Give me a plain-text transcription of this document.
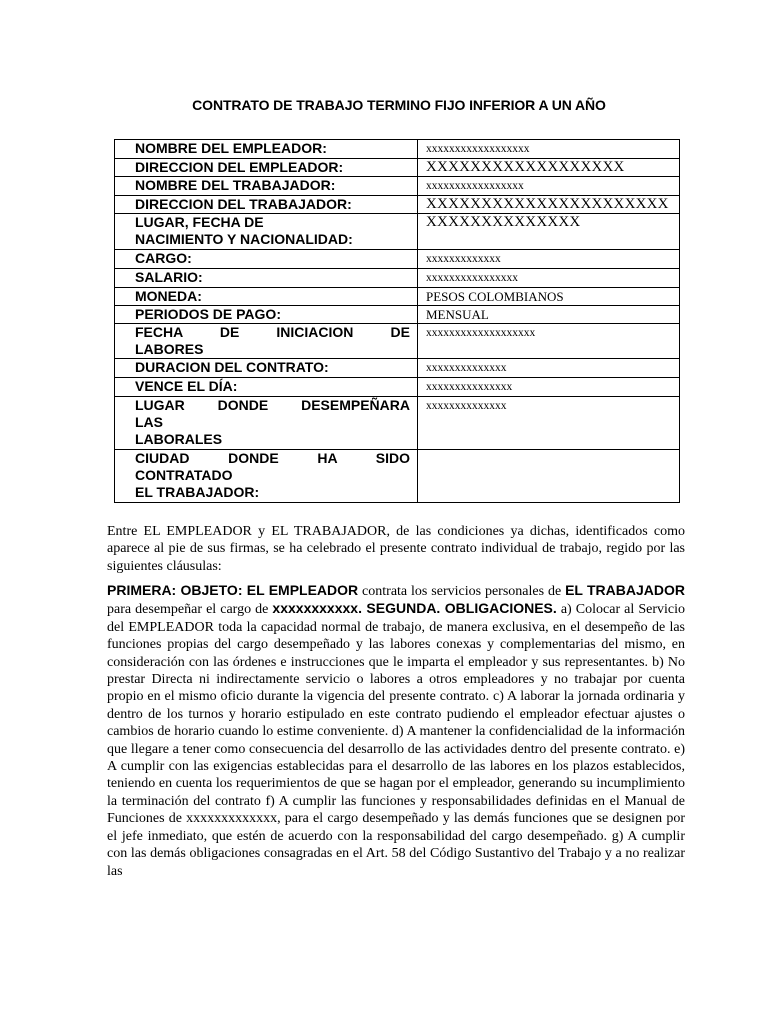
CONTRATO DE TRABAJO TERMINO FIJO INFERIOR A UN AÑO
NOMBRE DEL EMPLEADOR:	xxxxxxxxxxxxxxxxxx
DIRECCION DEL EMPLEADOR:	XXXXXXXXXXXXXXXXXX
NOMBRE DEL TRABAJADOR:	xxxxxxxxxxxxxxxxx
DIRECCION DEL TRABAJADOR:	XXXXXXXXXXXXXXXXXXXXXX

LUGAR, FECHA DE
NACIMIENTO Y NACIONALIDAD:	XXXXXXXXXXXXXX
CARGO:	xxxxxxxxxxxxx
SALARIO:	xxxxxxxxxxxxxxxx
MONEDA:	PESOS COLOMBIANOS
PERIODOS DE PAGO:	MENSUAL

FECHA DE INICIACION DE
LABORES	xxxxxxxxxxxxxxxxxxx
DURACION DEL CONTRATO:	xxxxxxxxxxxxxx
VENCE EL DÍA:	xxxxxxxxxxxxxxx

LUGAR DONDE DESEMPEÑARA
LAS
LABORALES	xxxxxxxxxxxxxx

CIUDAD DONDE HA SIDO
CONTRATADO
EL TRABAJADOR:	

Entre EL EMPLEADOR y EL TRABAJADOR, de las condiciones ya dichas, identificados como aparece al pie de sus firmas, se ha celebrado el presente contrato individual de trabajo, regido por las siguientes cláusulas:
PRIMERA: OBJETO: EL EMPLEADOR contrata los servicios personales de EL TRABAJADOR para desempeñar el cargo de xxxxxxxxxxx. SEGUNDA. OBLIGACIONES. a) Colocar al Servicio del EMPLEADOR toda la capacidad normal de trabajo, de manera exclusiva, en el desempeño de las funciones propias del cargo desempeñado y las labores conexas y complementarias del mismo, en consideración con las órdenes e instrucciones que le imparta el empleador y sus representantes. b) No prestar Directa ni indirectamente servicio o labores a otros empleadores y no trabajar por cuenta propio en el mismo oficio durante la vigencia del presente contrato. c) A laborar la jornada ordinaria y dentro de los turnos y horario estipulado en este contrato pudiendo el empleador efectuar ajustes o cambios de horario cuando lo estime conveniente. d) A mantener la confidencialidad de la información que llegare a tener como consecuencia del desarrollo de las actividades dentro del presente contrato. e) A cumplir con las exigencias establecidas para el desarrollo de las labores en los plazos establecidos, teniendo en cuenta los requerimientos de que se hagan por el empleador, generando su incumplimiento la terminación del contrato f) A cumplir las funciones y responsabilidades definidas en el Manual de Funciones de xxxxxxxxxxxxx, para el cargo desempeñado y las demás funciones que se designen por el jefe inmediato, que estén de acuerdo con la responsabilidad del cargo desempeñado. g) A cumplir con las demás obligaciones consagradas en el Art. 58 del Código Sustantivo del Trabajo y a no realizar las
